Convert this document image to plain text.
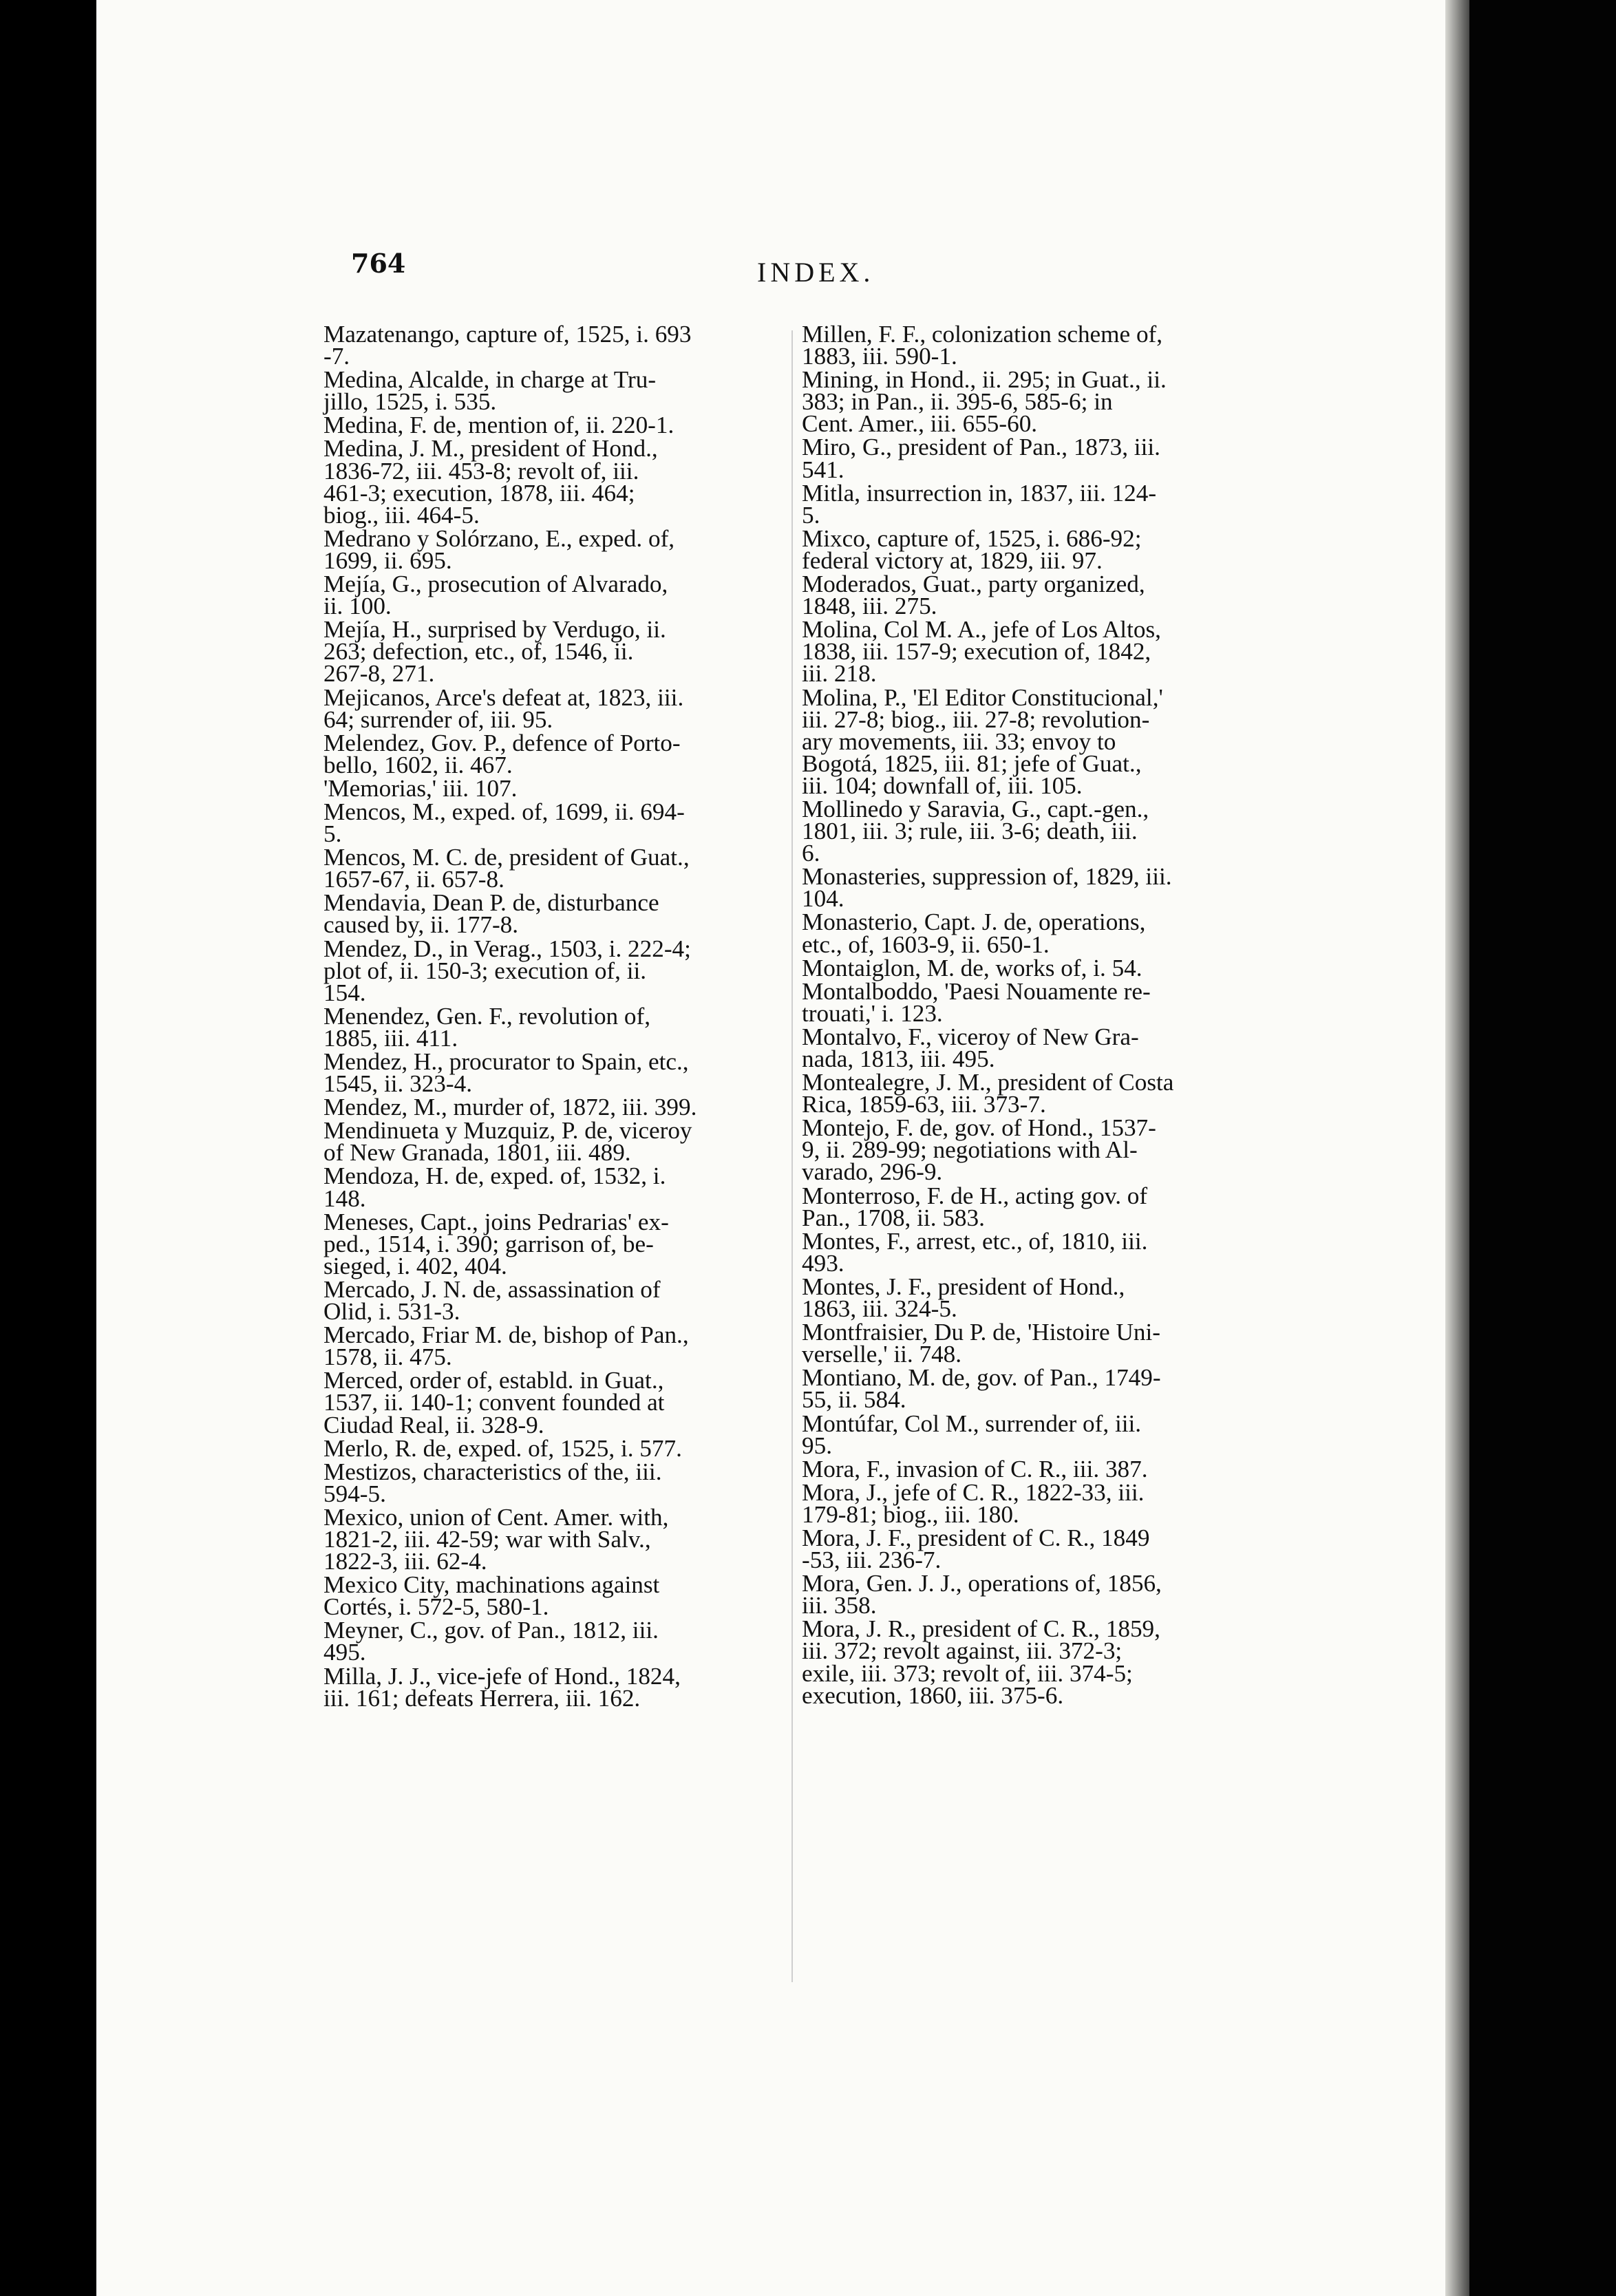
764	INDEX.
Mazatenango, capture of, 1525, i. 693
-7.
Medina, Alcalde, in charge at Tru-
jillo, 1525, i. 535.
Medina, F. de, mention of, ii. 220-1.
Medina, J. M., president of Hond.,
1836-72, iii. 453-8; revolt of, iii.
461-3; execution, 1878, iii. 464;
biog., iii. 464-5.
Medrano y Solórzano, E., exped. of,
1699, ii. 695.
Mejía, G., prosecution of Alvarado,
ii. 100.
Mejía, H., surprised by Verdugo, ii.
263; defection, etc., of, 1546, ii.
267-8, 271.
Mejicanos, Arce's defeat at, 1823, iii.
64; surrender of, iii. 95.
Melendez, Gov. P., defence of Porto-
bello, 1602, ii. 467.
'Memorias,' iii. 107.
Mencos, M., exped. of, 1699, ii. 694-
5.
Mencos, M. C. de, president of Guat.,
1657-67, ii. 657-8.
Mendavia, Dean P. de, disturbance
caused by, ii. 177-8.
Mendez, D., in Verag., 1503, i. 222-4;
plot of, ii. 150-3; execution of, ii.
154.
Menendez, Gen. F., revolution of,
1885, iii. 411.
Mendez, H., procurator to Spain, etc.,
1545, ii. 323-4.
Mendez, M., murder of, 1872, iii. 399.
Mendinueta y Muzquiz, P. de, viceroy
of New Granada, 1801, iii. 489.
Mendoza, H. de, exped. of, 1532, i.
148.
Meneses, Capt., joins Pedrarias' ex-
ped., 1514, i. 390; garrison of, be-
sieged, i. 402, 404.
Mercado, J. N. de, assassination of
Olid, i. 531-3.
Mercado, Friar M. de, bishop of Pan.,
1578, ii. 475.
Merced, order of, establd. in Guat.,
1537, ii. 140-1; convent founded at
Ciudad Real, ii. 328-9.
Merlo, R. de, exped. of, 1525, i. 577.
Mestizos, characteristics of the, iii.
594-5.
Mexico, union of Cent. Amer. with,
1821-2, iii. 42-59; war with Salv.,
1822-3, iii. 62-4.
Mexico City, machinations against
Cortés, i. 572-5, 580-1.
Meyner, C., gov. of Pan., 1812, iii.
495.
Milla, J. J., vice-jefe of Hond., 1824,
iii. 161; defeats Herrera, iii. 162.
Millen, F. F., colonization scheme of,
1883, iii. 590-1.
Mining, in Hond., ii. 295; in Guat., ii.
383; in Pan., ii. 395-6, 585-6; in
Cent. Amer., iii. 655-60.
Miro, G., president of Pan., 1873, iii.
541.
Mitla, insurrection in, 1837, iii. 124-
5.
Mixco, capture of, 1525, i. 686-92;
federal victory at, 1829, iii. 97.
Moderados, Guat., party organized,
1848, iii. 275.
Molina, Col M. A., jefe of Los Altos,
1838, iii. 157-9; execution of, 1842,
iii. 218.
Molina, P., 'El Editor Constitucional,'
iii. 27-8; biog., iii. 27-8; revolution-
ary movements, iii. 33; envoy to
Bogotá, 1825, iii. 81; jefe of Guat.,
iii. 104; downfall of, iii. 105.
Mollinedo y Saravia, G., capt.-gen.,
1801, iii. 3; rule, iii. 3-6; death, iii.
6.
Monasteries, suppression of, 1829, iii.
104.
Monasterio, Capt. J. de, operations,
etc., of, 1603-9, ii. 650-1.
Montaiglon, M. de, works of, i. 54.
Montalboddo, 'Paesi Nouamente re-
trouati,' i. 123.
Montalvo, F., viceroy of New Gra-
nada, 1813, iii. 495.
Montealegre, J. M., president of Costa
Rica, 1859-63, iii. 373-7.
Montejo, F. de, gov. of Hond., 1537-
9, ii. 289-99; negotiations with Al-
varado, 296-9.
Monterroso, F. de H., acting gov. of
Pan., 1708, ii. 583.
Montes, F., arrest, etc., of, 1810, iii.
493.
Montes, J. F., president of Hond.,
1863, iii. 324-5.
Montfraisier, Du P. de, 'Histoire Uni-
verselle,' ii. 748.
Montiano, M. de, gov. of Pan., 1749-
55, ii. 584.
Montúfar, Col M., surrender of, iii.
95.
Mora, F., invasion of C. R., iii. 387.
Mora, J., jefe of C. R., 1822-33, iii.
179-81; biog., iii. 180.
Mora, J. F., president of C. R., 1849
-53, iii. 236-7.
Mora, Gen. J. J., operations of, 1856,
iii. 358.
Mora, J. R., president of C. R., 1859,
iii. 372; revolt against, iii. 372-3;
exile, iii. 373; revolt of, iii. 374-5;
execution, 1860, iii. 375-6.
